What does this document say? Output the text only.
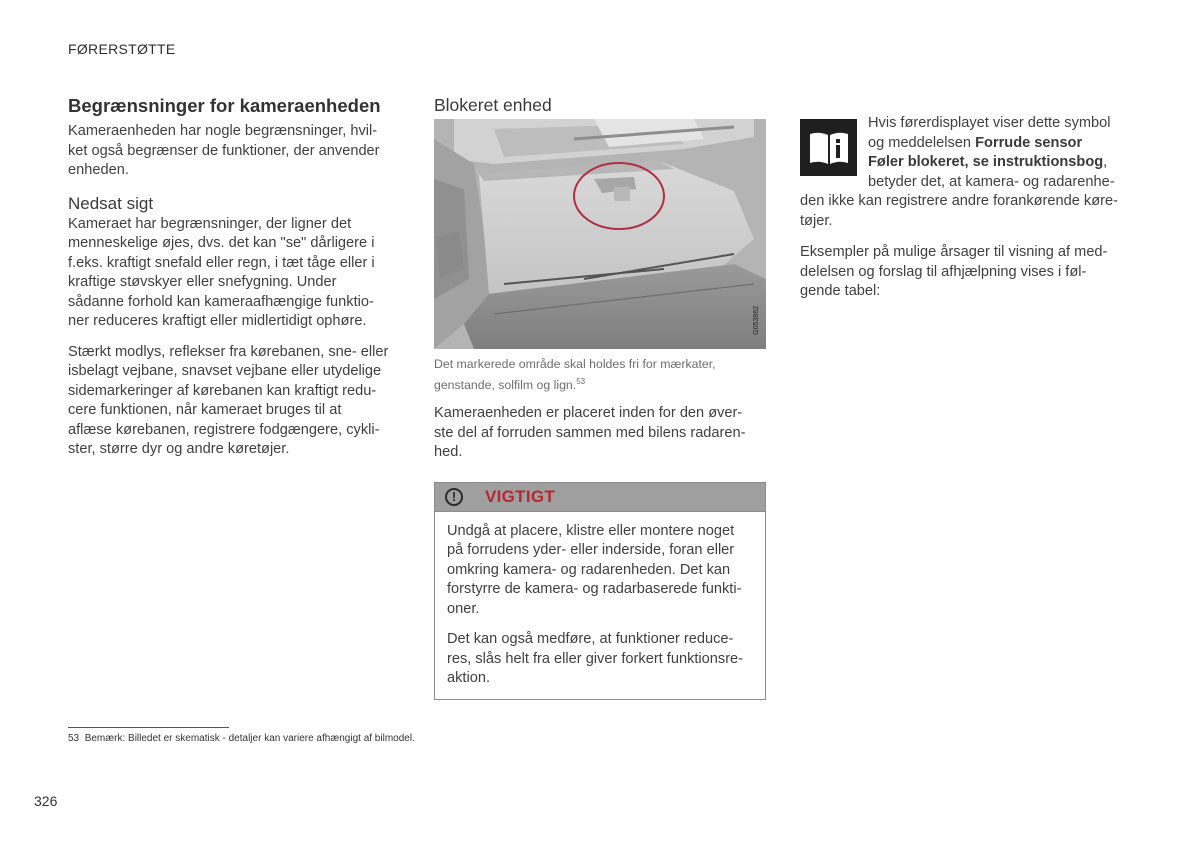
FØRERSTØTTE
Begrænsninger for kameraenheden

Kameraenheden har nogle begrænsninger, hvil-
ket også begrænser de funktioner, der anvender
enheden.

Nedsat sigt

Kameraet har begrænsninger, der ligner det
menneskelige øjes, dvs. det kan "se" dårligere i
f.eks. kraftigt snefald eller regn, i tæt tåge eller i
kraftige støvskyer eller snefygning. Under
sådanne forhold kan kameraafhængige funktio-
ner reduceres kraftigt eller midlertidigt ophøre.

Stærkt modlys, reflekser fra kørebanen, sne- eller
isbelagt vejbane, snavset vejbane eller utydelige
sidemarkeringer af kørebanen kan kraftigt redu-
cere funktionen, når kameraet bruges til at
aflæse kørebanen, registrere fodgængere, cykli-
ster, større dyr og andre køretøjer.

Blokeret enhed
G053862
Det markerede område skal holdes fri for mærkater,
genstande, solfilm og lign.$^{53}$

Kameraenheden er placeret inden for den øver-
ste del af forruden sammen med bilens radaren-
hed.

!	VIGTIGT

Undgå at placere, klistre eller montere noget
på forrudens yder- eller inderside, foran eller
omkring kamera- og radarenheden. Det kan
forstyrre de kamera- og radarbaserede funkti-
oner.

Det kan også medføre, at funktioner reduce-
res, slås helt fra eller giver forkert funktionsre-
aktion.

Hvis førerdisplayet viser dette symbol
og meddelelsen Forrude sensor
Føler blokeret, se instruktionsbog,
betyder det, at kamera- og radarenhe-
den ikke kan registrere andre forankørende køre-
tøjer.

Eksempler på mulige årsager til visning af med-
delelsen og forslag til afhjælpning vises i føl-
gende tabel:

53 Bemærk: Billedet er skematisk - detaljer kan variere afhængigt af bilmodel.
326
